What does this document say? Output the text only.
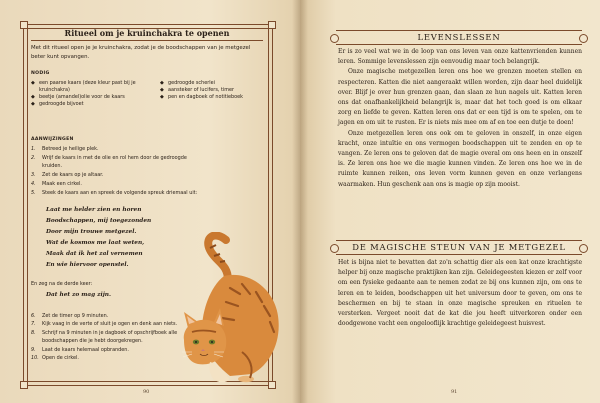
Ritueel om je kruinchakra te openen
Met dit ritueel open je je kruinchakra, zodat je de boodschappen van je metgezel beter kunt opvangen.
NODIG
◆ een paarse kaars (deze kleur past bij je kruinchakra)
◆ beetje (amandel)olie voor de kaars
◆ gedroogde bijvoet
◆ gedroogde scherlei
◆ aansteker of lucifers, timer
◆ pen en dagboek of notitieboek
AANWIJZINGEN
1. Betreed je heilige plek.
2. Wrijf de kaars in met de olie en rol hem door de gedroogde kruiden.
3. Zet de kaars op je altaar.
4. Maak een cirkel.
5. Steek de kaars aan en spreek de volgende spreuk driemaal uit:
Laat me helder zien en horen
Boodschappen, mij toegezonden
Door mijn trouwe metgezel.
Wat de kosmos me laat weten,
Maak dat ik het zal vernemen
En wie hiervoor openstel.
En zeg na de derde keer:
Dat het zo mag zijn.
6. Zet de timer op 9 minuten.
7. Kijk vaag in de verte of sluit je ogen en denk aan niets.
8. Schrijf na 9 minuten in je dagboek of opschrijfboek alle boodschappen die je hebt doorgekregen.
9. Laat de kaars helemaal opbranden.
10. Open de cirkel.
90
LEVENSLESSEN

Er is zo veel wat we in de loop van ons leven van onze kattenvrienden kunnen leren. Sommige levenslessen zijn eenvoudig maar toch belangrijk.

Onze magische metgezellen leren ons hoe we grenzen moeten stellen en respecteren. Katten die niet aangeraakt willen worden, zijn daar heel duidelijk over. Blijf je over hun grenzen gaan, dan slaan ze hun nagels uit. Katten leren ons dat onafhankelijkheid belangrijk is, maar dat het toch goed is om elkaar zorg en liefde te geven. Katten leren ons dat er een tijd is om te spelen, om te jagen en om uit te rusten. Er is niets mis mee om af en toe een dutje te doen!

Onze metgezellen leren ons ook om te geloven in onszelf, in onze eigen kracht, onze intuïtie en ons vermogen boodschappen uit te zenden en op te vangen. Ze leren ons te geloven dat de magie overal om ons heen en in onszelf is. Ze leren ons hoe we die magie kunnen vinden. Ze leren ons hoe we in de ruimte kunnen reiken, ons leven vorm kunnen geven en onze verlangens waarmaken. Hun geschenk aan ons is magie op zijn mooist.

DE MAGISCHE STEUN VAN JE METGEZEL

Het is bijna niet te bevatten dat zo'n schattig dier als een kat onze krachtigste helper bij onze magische praktijken kan zijn. Geleidegeesten kiezen er zelf voor om een fysieke gedaante aan te nemen zodat ze bij ons kunnen zijn, om ons te leren en te leiden, boodschappen uit het universum door te geven, om ons te beschermen en bij te staan in onze magische spreuken en rituelen te versterken. Vergeet nooit dat de kat die jou heeft uitverkoren onder een doodgewone vacht een ongelooflijk krachtige geleidegeest huisvest.

91
